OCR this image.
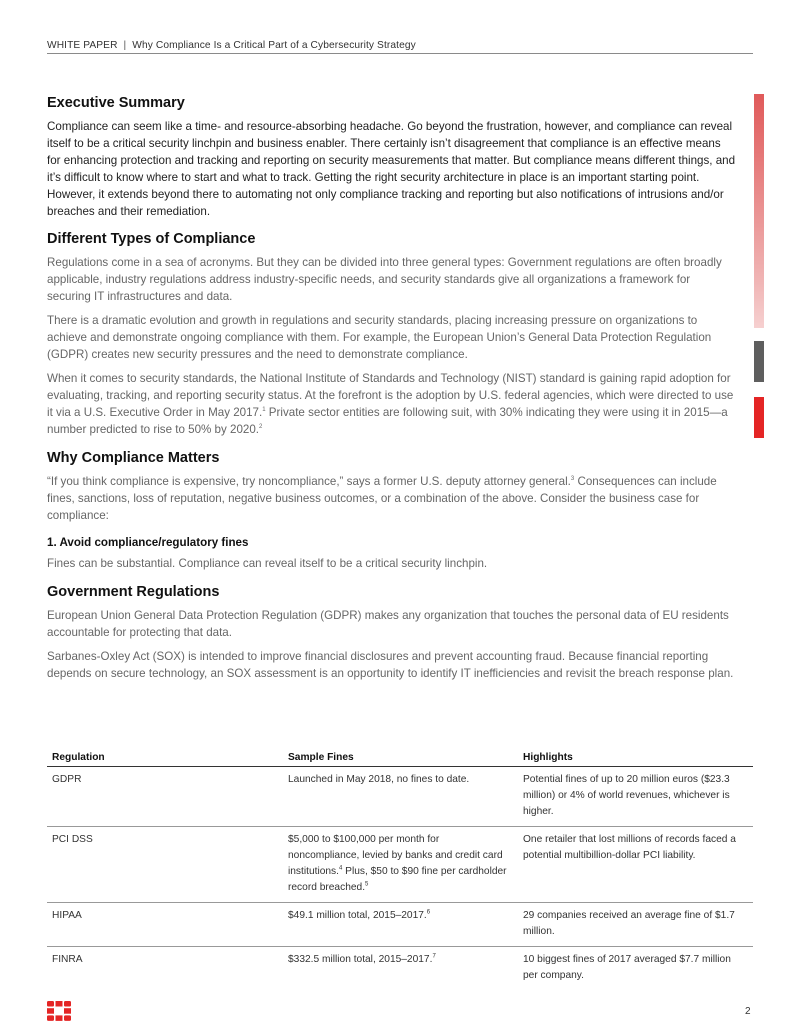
WHITE PAPER | Why Compliance Is a Critical Part of a Cybersecurity Strategy
Executive Summary

Compliance can seem like a time- and resource-absorbing headache. Go beyond the frustration, however, and compliance can reveal itself to be a critical security linchpin and business enabler. There certainly isn’t disagreement that compliance is an effective means for enhancing protection and tracking and reporting on security measurements that matter. But compliance means different things, and it’s difficult to know where to start and what to track. Getting the right security architecture in place is an important starting point. However, it extends beyond there to automating not only compliance tracking and reporting but also notifications of intrusions and/or breaches and their remediation.

Different Types of Compliance

Regulations come in a sea of acronyms. But they can be divided into three general types: Government regulations are often broadly applicable, industry regulations address industry-specific needs, and security standards give all organizations a framework for securing IT infrastructures and data.

There is a dramatic evolution and growth in regulations and security standards, placing increasing pressure on organizations to achieve and demonstrate ongoing compliance with them. For example, the European Union’s General Data Protection Regulation (GDPR) creates new security pressures and the need to demonstrate compliance.

When it comes to security standards, the National Institute of Standards and Technology (NIST) standard is gaining rapid adoption for evaluating, tracking, and reporting security status. At the forefront is the adoption by U.S. federal agencies, which were directed to use it via a U.S. Executive Order in May 2017.$^1$ Private sector entities are following suit, with 30% indicating they were using it in 2015—a number predicted to rise to 50% by 2020.$^2$

Why Compliance Matters

“If you think compliance is expensive, try noncompliance,” says a former U.S. deputy attorney general.$^3$ Consequences can include fines, sanctions, loss of reputation, negative business outcomes, or a combination of the above. Consider the business case for compliance:

1. Avoid compliance/regulatory fines

Fines can be substantial. Compliance can reveal itself to be a critical security linchpin.

Government Regulations

European Union General Data Protection Regulation (GDPR) makes any organization that touches the personal data of EU residents accountable for protecting that data.

Sarbanes-Oxley Act (SOX) is intended to improve financial disclosures and prevent accounting fraud. Because financial reporting depends on secure technology, an SOX assessment is an opportunity to identify IT inefficiencies and revisit the breach response plan.

Regulation	Sample Fines	Highlights
GDPR	Launched in May 2018, no fines to date.	Potential fines of up to 20 million euros ($23.3 million) or 4% of world revenues, whichever is higher.
PCI DSS	$5,000 to $100,000 per month for noncompliance, levied by banks and credit card institutions.$^4$ Plus, $50 to $90 fine per cardholder record breached.$^5$	One retailer that lost millions of records faced a potential multibillion-dollar PCI liability.
HIPAA	$49.1 million total, 2015–2017.$^6$	29 companies received an average fine of $1.7 million.
FINRA	$332.5 million total, 2015–2017.$^7$	10 biggest fines of 2017 averaged $7.7 million per company.
2
